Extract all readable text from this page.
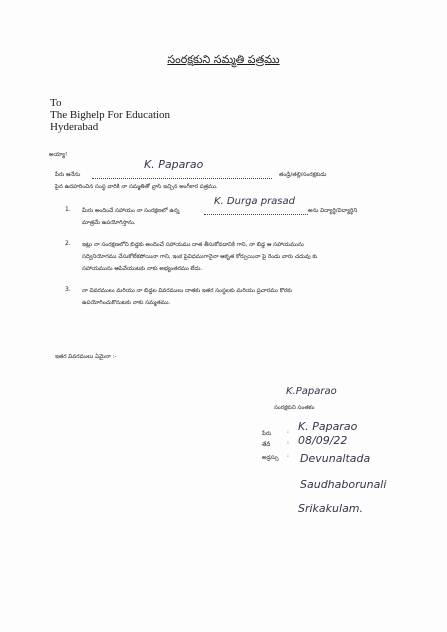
సంరక్షకుని సమ్మతి పత్రము
To
The Bighelp For Education
Hyderabad
అయ్యా!
పేరు ఆనేను
K. Paparao
తండ్రి/తల్లి/సంరక్షకుడు
పైన ఉదహరించిన సంస్థ వారికి నా సమ్మతితో వ్రాసి ఇచ్చిన అంగీకార పత్రము.
1. మీరు అందించే సహాయం నా సంరక్షణలో ఉన్న
K. Durga prasad
అను విద్యార్థి/విద్యార్థిని
మాత్రమే ఉపయోగిస్తాను.
2. ఇట్లు నా సంరక్షణలోని బిడ్డకు అందించే సహాయము దాత తీసుకోవడానికి గాని, నా బిడ్డ ఆ సహాయమును
సద్వినియోగము చేసుకోలేకపోయినా గాని, ఇంక పైవిధముగానైనా ఆకృత కోర్సుయినా పై రెండు వారు చదువు కు
సహాయమును ఆపివేయుటకు నాకు అభ్యంతరము లేదు.
3. నా వివరములు మరియు నా బిడ్డల వివరములు దాతకు ఇతర సంస్థలకు మరియు ప్రచారము కొరకు
ఉపయోగించుకొనుటకు నాకు సమ్మతము.
ఇతర వివరములు ఏమైనా :-
K.Paparao
సంరక్షకుని సంతకం
పేరు	: K. Paparao
తేదీ	: 08/09/22
అడ్రస్సు : Devunaltada
Saudhaborunali
Srikakulam.
